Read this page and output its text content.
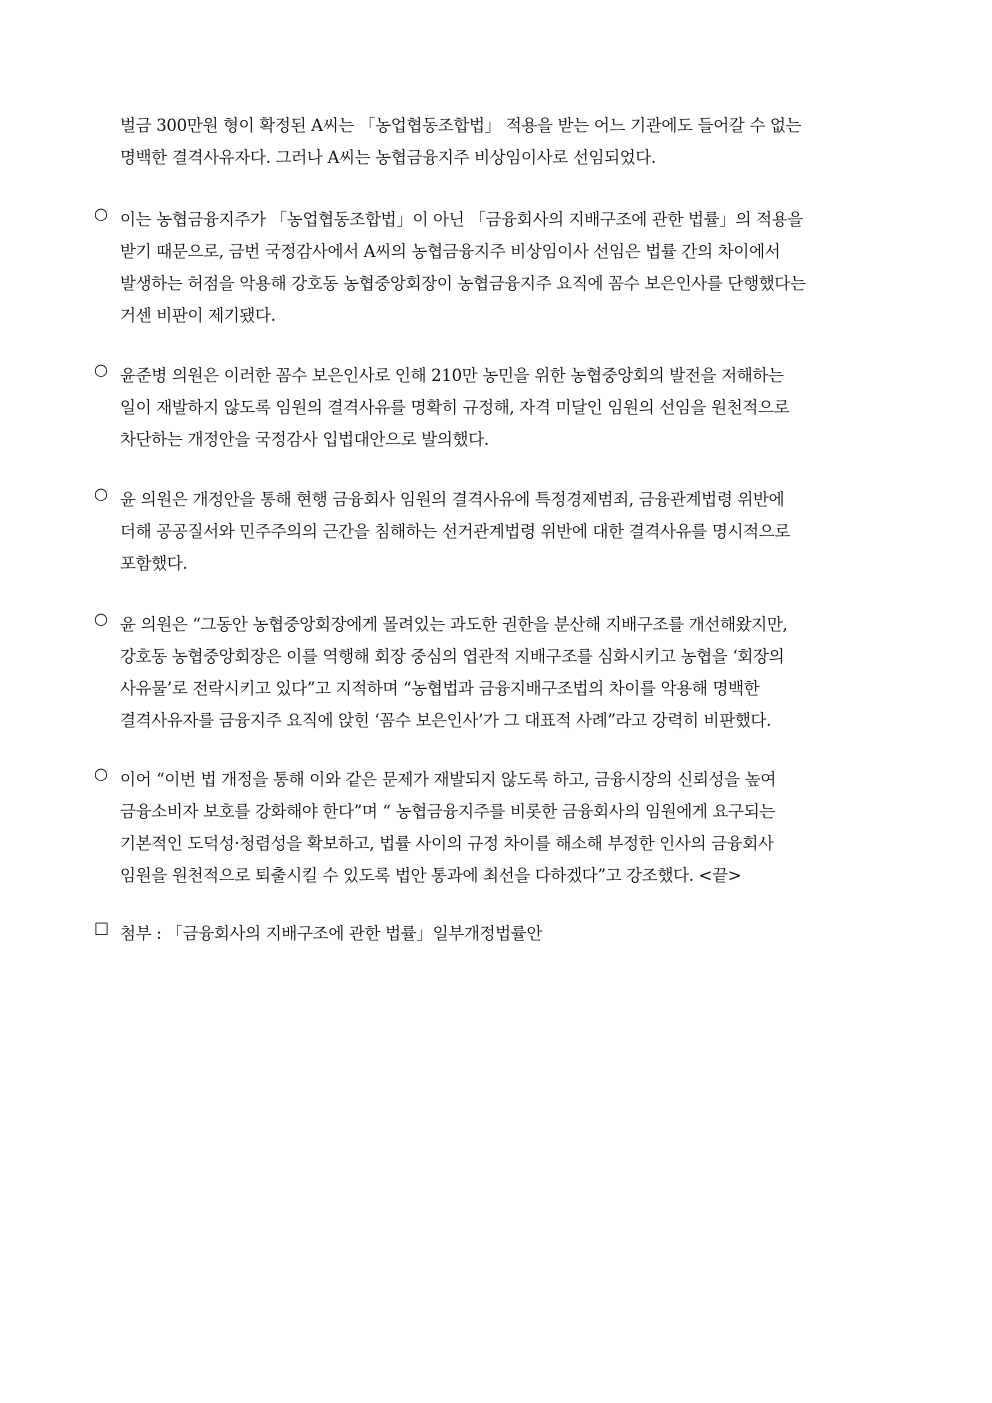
벌금 300만원 형이 확정된 A씨는 「농업협동조합법」 적용을 받는 어느 기관에도 들어갈 수 없는
명백한 결격사유자다. 그러나 A씨는 농협금융지주 비상임이사로 선임되었다.
○ 이는 농협금융지주가 「농업협동조합법」이 아닌 「금융회사의 지배구조에 관한 법률」의 적용을
받기 때문으로, 금번 국정감사에서 A씨의 농협금융지주 비상임이사 선임은 법률 간의 차이에서
발생하는 허점을 악용해 강호동 농협중앙회장이 농협금융지주 요직에 꼼수 보은인사를 단행했다는
거센 비판이 제기됐다.
○ 윤준병 의원은 이러한 꼼수 보은인사로 인해 210만 농민을 위한 농협중앙회의 발전을 저해하는
일이 재발하지 않도록 임원의 결격사유를 명확히 규정해, 자격 미달인 임원의 선임을 원천적으로
차단하는 개정안을 국정감사 입법대안으로 발의했다.
○ 윤 의원은 개정안을 통해 현행 금융회사 임원의 결격사유에 특정경제범죄, 금융관계법령 위반에
더해 공공질서와 민주주의의 근간을 침해하는 선거관계법령 위반에 대한 결격사유를 명시적으로
포함했다.
○ 윤 의원은 “그동안 농협중앙회장에게 몰려있는 과도한 권한을 분산해 지배구조를 개선해왔지만,
강호동 농협중앙회장은 이를 역행해 회장 중심의 엽관적 지배구조를 심화시키고 농협을 ‘회장의
사유물’로 전락시키고 있다”고 지적하며 “농협법과 금융지배구조법의 차이를 악용해 명백한
결격사유자를 금융지주 요직에 앉힌 ‘꼼수 보은인사’가 그 대표적 사례”라고 강력히 비판했다.
○ 이어 “이번 법 개정을 통해 이와 같은 문제가 재발되지 않도록 하고, 금융시장의 신뢰성을 높여
금융소비자 보호를 강화해야 한다”며 “ 농협금융지주를 비롯한 금융회사의 임원에게 요구되는
기본적인 도덕성·청렴성을 확보하고, 법률 사이의 규정 차이를 해소해 부정한 인사의 금융회사
임원을 원천적으로 퇴출시킬 수 있도록 법안 통과에 최선을 다하겠다”고 강조했다. <끝>
□ 첨부 : 「금융회사의 지배구조에 관한 법률」일부개정법률안
